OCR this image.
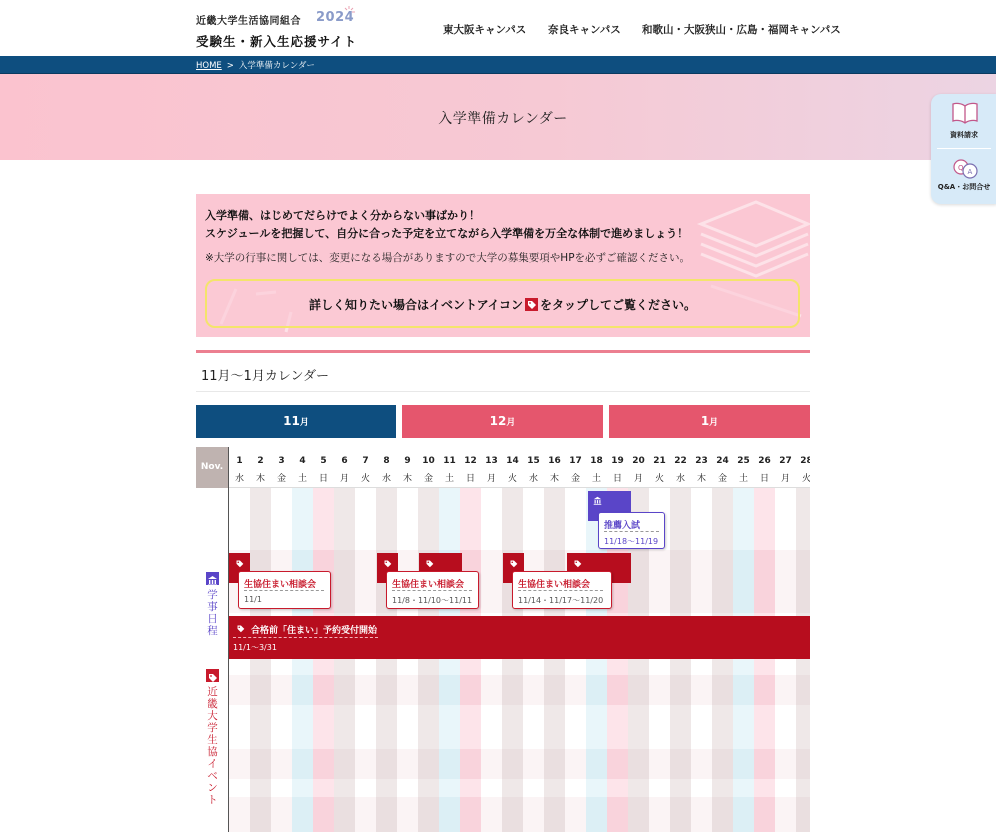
近畿大学生活協同組合
受験生・新入生応援サイト
2024
東大阪キャンパス 奈良キャンパス 和歌山・大阪狭山・広島・福岡キャンパス
HOME > 入学準備カレンダー
入学準備カレンダー
資料請求
Q A
Q&A・お問合せ
入学準備、はじめてだらけでよく分からない事ばかり！
スケジュールを把握して、自分に合った予定を立てながら入学準備を万全な体制で進めましょう！
※大学の行事に関しては、変更になる場合がありますので大学の募集要項やHPを必ずご確認ください。
詳しく知りたい場合はイベントアイコン をタップしてご覧ください。
11月〜1月カレンダー
11月	12月	1月
Nov.
学
事
日
程
近
畿
大
学
生
協
イ
ベ
ン
ト
1
水
2
木
3
金
4
土
5
日
6
月
7
火
8
水
9
木
10
金
11
土
12
日
13
月
14
火
15
水
16
木
17
金
18
土
19
日
20
月
21
火
22
水
23
木
24
金
25
土
26
日
27
月
28
火
推薦入試
11/18〜11/19
生協住まい相談会
11/1
生協住まい相談会
11/8・11/10〜11/11
生協住まい相談会
11/14・11/17〜11/20
合格前「住まい」予約受付開始
11/1〜3/31
